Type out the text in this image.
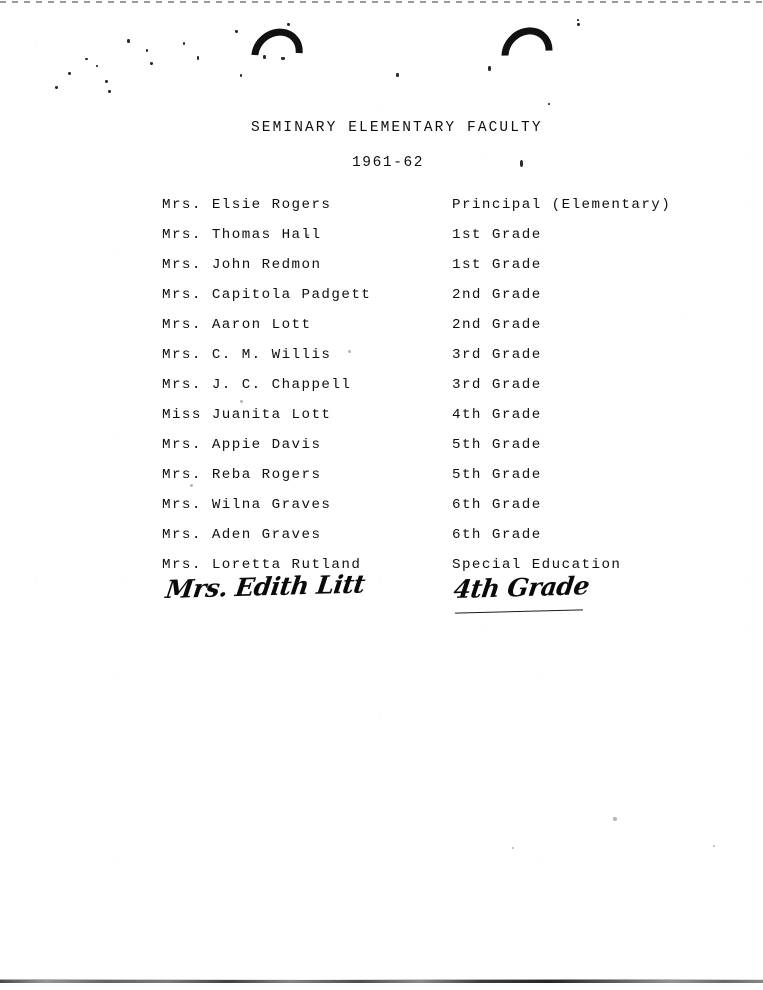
SEMINARY ELEMENTARY FACULTY
1961-62
Mrs. Elsie Rogers	Principal (Elementary)
Mrs. Thomas Hall	1st Grade
Mrs. John Redmon	1st Grade
Mrs. Capitola Padgett	2nd Grade
Mrs. Aaron Lott	2nd Grade
Mrs. C. M. Willis	3rd Grade
Mrs. J. C. Chappell	3rd Grade
Miss Juanita Lott	4th Grade
Mrs. Appie Davis	5th Grade
Mrs. Reba Rogers	5th Grade
Mrs. Wilna Graves	6th Grade
Mrs. Aden Graves	6th Grade
Mrs. Loretta Rutland	Special Education
Mrs. Edith Litt	4th Grade
